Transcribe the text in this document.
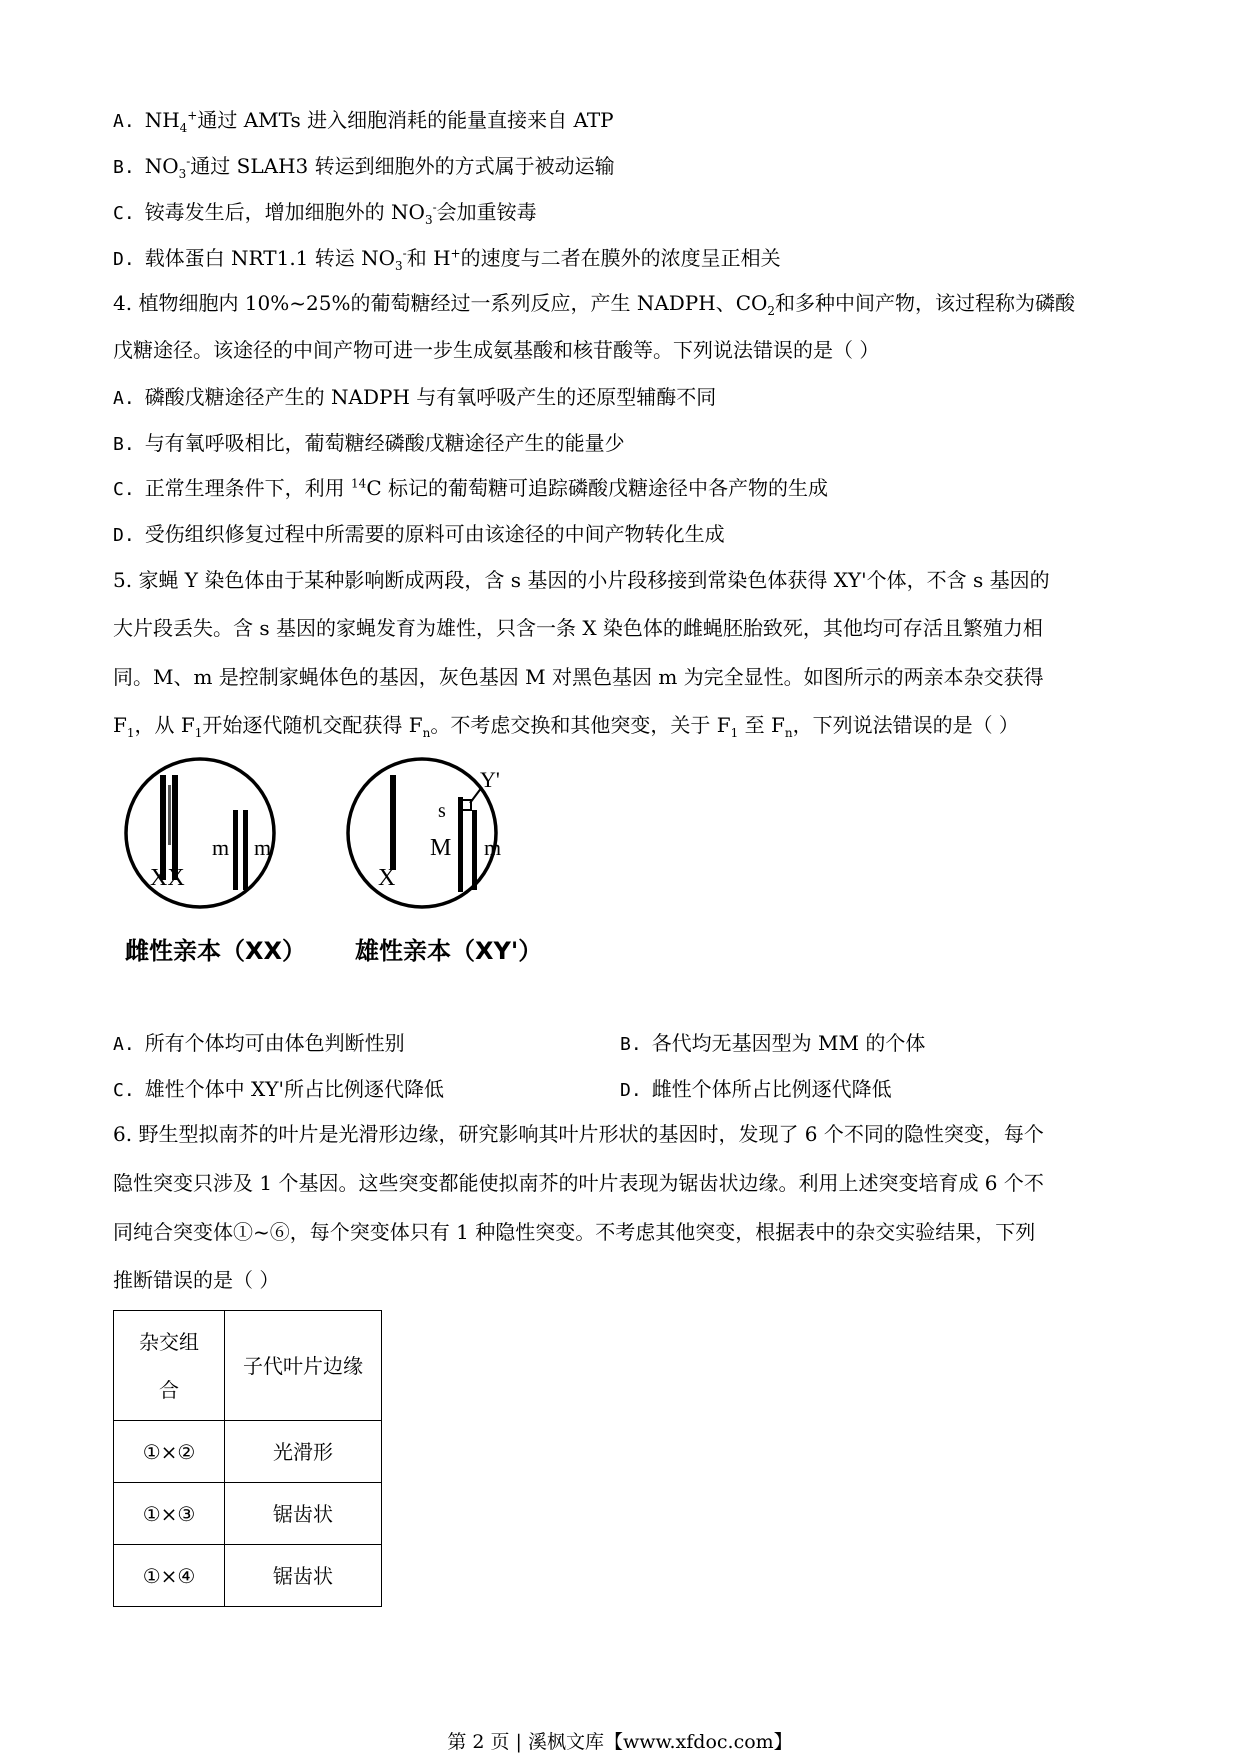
A. $NH_4^+$通过 AMTs 进入细胞消耗的能量直接来自 ATP
B. $NO_3^-$通过 SLAH3 转运到细胞外的方式属于被动运输
C. 铵毒发生后，增加细胞外的 $NO_3^-$会加重铵毒
D. 载体蛋白 NRT1.1 转运 $NO_3^-$和 H+的速度与二者在膜外的浓度呈正相关
4. 植物细胞内 10%~25%的葡萄糖经过一系列反应，产生 NADPH、$CO_2$和多种中间产物，该过程称为磷酸
戊糖途径。该途径的中间产物可进一步生成氨基酸和核苷酸等。下列说法错误的是（ ）
A. 磷酸戊糖途径产生的 NADPH 与有氧呼吸产生的还原型辅酶不同
B. 与有氧呼吸相比，葡萄糖经磷酸戊糖途径产生的能量少
C. 正常生理条件下，利用 $^{14}$C 标记的葡萄糖可追踪磷酸戊糖途径中各产物的生成
D. 受伤组织修复过程中所需要的原料可由该途径的中间产物转化生成
5. 家蝇 Y 染色体由于某种影响断成两段，含 s 基因的小片段移接到常染色体获得 XY'个体，不含 s 基因的
大片段丢失。含 s 基因的家蝇发育为雄性，只含一条 X 染色体的雌蝇胚胎致死，其他均可存活且繁殖力相
同。M、m 是控制家蝇体色的基因，灰色基因 M 对黑色基因 m 为完全显性。如图所示的两亲本杂交获得
$F_1$，从 $F_1$开始逐代随机交配获得 $F_n$。不考虑交换和其他突变，关于 $F_1$ 至 $F_n$，下列说法错误的是（ ）
XX
m m
X
s
Y'
M m
雌性亲本（XX） 雄性亲本（XY'）
A. 所有个体均可由体色判断性别	B. 各代均无基因型为 MM 的个体
C. 雄性个体中 XY'所占比例逐代降低	D. 雌性个体所占比例逐代降低
6. 野生型拟南芥的叶片是光滑形边缘，研究影响其叶片形状的基因时，发现了 6 个不同的隐性突变，每个
隐性突变只涉及 1 个基因。这些突变都能使拟南芥的叶片表现为锯齿状边缘。利用上述突变培育成 6 个不
同纯合突变体①~⑥，每个突变体只有 1 种隐性突变。不考虑其他突变，根据表中的杂交实验结果，下列
推断错误的是（ ）
杂交组合	子代叶片边缘
①×②	光滑形
①×③	锯齿状
①×④	锯齿状
第 2 页 | 溪枫文库【www.xfdoc.com】
